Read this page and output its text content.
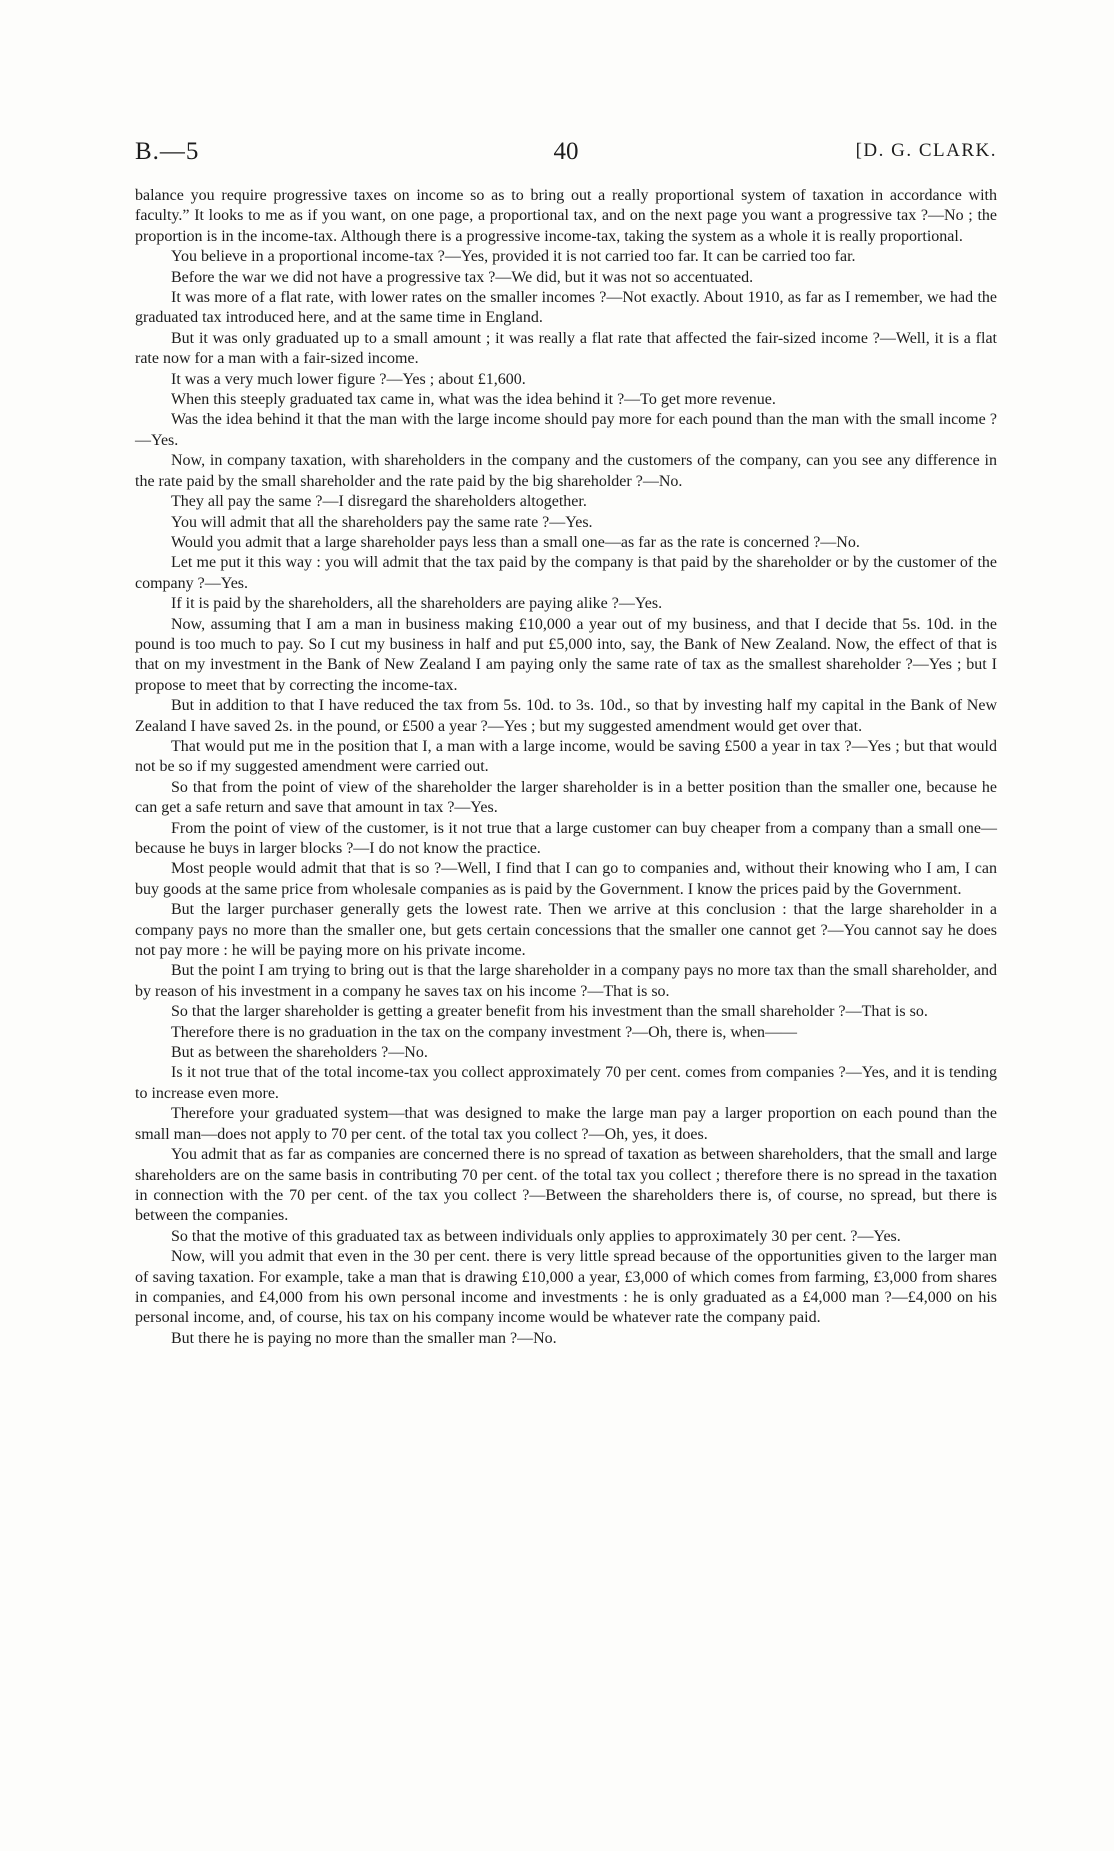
B.—5	40	[D. G. CLARK.

balance you require progressive taxes on income so as to bring out a really proportional system of taxation in accordance with faculty.” It looks to me as if you want, on one page, a proportional tax, and on the next page you want a progressive tax ?—No ; the proportion is in the income-tax. Although there is a progressive income-tax, taking the system as a whole it is really proportional.

You believe in a proportional income-tax ?—Yes, provided it is not carried too far. It can be carried too far.

Before the war we did not have a progressive tax ?—We did, but it was not so accentuated.

It was more of a flat rate, with lower rates on the smaller incomes ?—Not exactly. About 1910, as far as I remember, we had the graduated tax introduced here, and at the same time in England.

But it was only graduated up to a small amount ; it was really a flat rate that affected the fair-sized income ?—Well, it is a flat rate now for a man with a fair-sized income.

It was a very much lower figure ?—Yes ; about £1,600.

When this steeply graduated tax came in, what was the idea behind it ?—To get more revenue.

Was the idea behind it that the man with the large income should pay more for each pound than the man with the small income ?—Yes.

Now, in company taxation, with shareholders in the company and the customers of the company, can you see any difference in the rate paid by the small shareholder and the rate paid by the big shareholder ?—No.

They all pay the same ?—I disregard the shareholders altogether.

You will admit that all the shareholders pay the same rate ?—Yes.

Would you admit that a large shareholder pays less than a small one—as far as the rate is concerned ?—No.

Let me put it this way : you will admit that the tax paid by the company is that paid by the shareholder or by the customer of the company ?—Yes.

If it is paid by the shareholders, all the shareholders are paying alike ?—Yes.

Now, assuming that I am a man in business making £10,000 a year out of my business, and that I decide that 5s. 10d. in the pound is too much to pay. So I cut my business in half and put £5,000 into, say, the Bank of New Zealand. Now, the effect of that is that on my investment in the Bank of New Zealand I am paying only the same rate of tax as the smallest shareholder ?—Yes ; but I propose to meet that by correcting the income-tax.

But in addition to that I have reduced the tax from 5s. 10d. to 3s. 10d., so that by investing half my capital in the Bank of New Zealand I have saved 2s. in the pound, or £500 a year ?—Yes ; but my suggested amendment would get over that.

That would put me in the position that I, a man with a large income, would be saving £500 a year in tax ?—Yes ; but that would not be so if my suggested amendment were carried out.

So that from the point of view of the shareholder the larger shareholder is in a better position than the smaller one, because he can get a safe return and save that amount in tax ?—Yes.

From the point of view of the customer, is it not true that a large customer can buy cheaper from a company than a small one—because he buys in larger blocks ?—I do not know the practice.

Most people would admit that that is so ?—Well, I find that I can go to companies and, without their knowing who I am, I can buy goods at the same price from wholesale companies as is paid by the Government. I know the prices paid by the Government.

But the larger purchaser generally gets the lowest rate. Then we arrive at this conclusion : that the large shareholder in a company pays no more than the smaller one, but gets certain concessions that the smaller one cannot get ?—You cannot say he does not pay more : he will be paying more on his private income.

But the point I am trying to bring out is that the large shareholder in a company pays no more tax than the small shareholder, and by reason of his investment in a company he saves tax on his income ?—That is so.

So that the larger shareholder is getting a greater benefit from his investment than the small shareholder ?—That is so.

Therefore there is no graduation in the tax on the company investment ?—Oh, there is, when——

But as between the shareholders ?—No.

Is it not true that of the total income-tax you collect approximately 70 per cent. comes from companies ?—Yes, and it is tending to increase even more.

Therefore your graduated system—that was designed to make the large man pay a larger proportion on each pound than the small man—does not apply to 70 per cent. of the total tax you collect ?—Oh, yes, it does.

You admit that as far as companies are concerned there is no spread of taxation as between shareholders, that the small and large shareholders are on the same basis in contributing 70 per cent. of the total tax you collect ; therefore there is no spread in the taxation in connection with the 70 per cent. of the tax you collect ?—Between the shareholders there is, of course, no spread, but there is between the companies.

So that the motive of this graduated tax as between individuals only applies to approximately 30 per cent. ?—Yes.

Now, will you admit that even in the 30 per cent. there is very little spread because of the opportunities given to the larger man of saving taxation. For example, take a man that is drawing £10,000 a year, £3,000 of which comes from farming, £3,000 from shares in companies, and £4,000 from his own personal income and investments : he is only graduated as a £4,000 man ?—£4,000 on his personal income, and, of course, his tax on his company income would be whatever rate the company paid.

But there he is paying no more than the smaller man ?—No.
